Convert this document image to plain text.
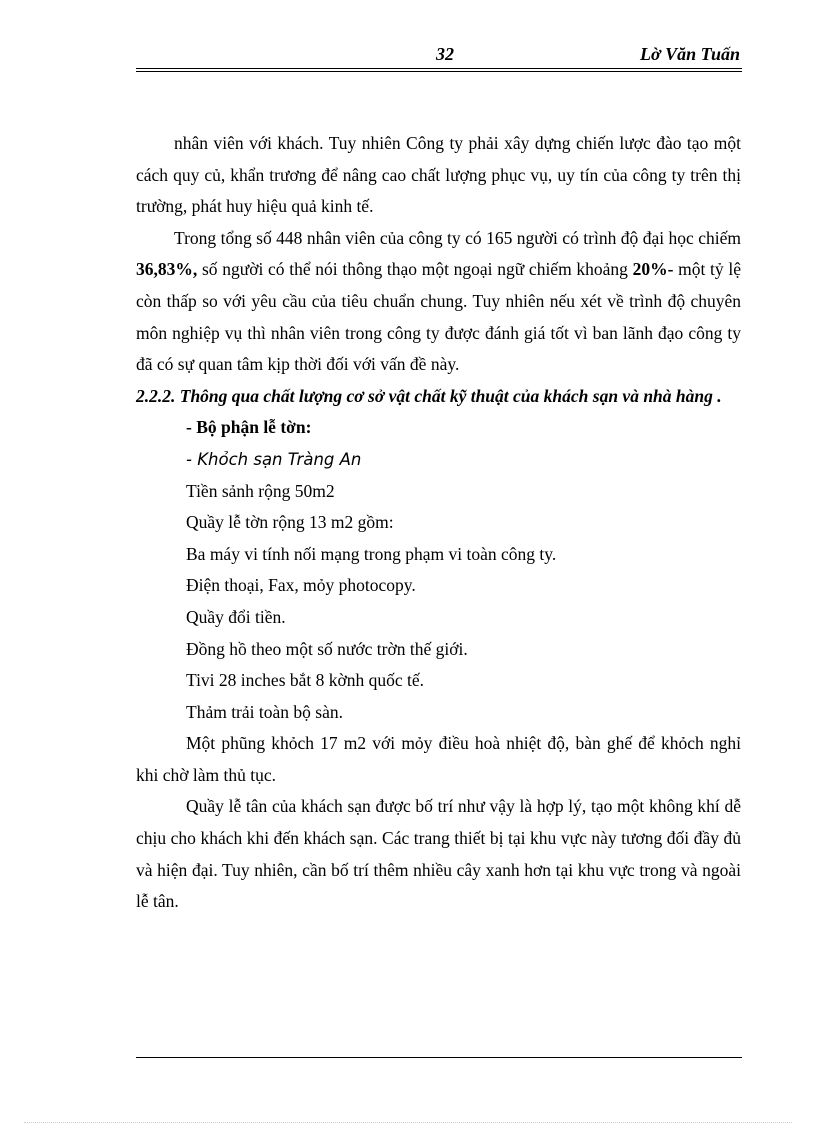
32	Lờ Văn Tuấn

nhân viên với khách. Tuy nhiên Công ty phải xây dựng chiến lược đào tạo một cách quy củ, khẩn trương để nâng cao chất lượng phục vụ, uy tín của công ty trên thị trường, phát huy hiệu quả kinh tế.

Trong tổng số 448 nhân viên của công ty có 165 người có trình độ đại học chiếm 36,83%, số người có thể nói thông thạo một ngoại ngữ chiếm khoảng 20%- một tỷ lệ còn thấp so với yêu cầu của tiêu chuẩn chung. Tuy nhiên nếu xét về trình độ chuyên môn nghiệp vụ thì nhân viên trong công ty được đánh giá tốt vì ban lãnh đạo công ty đã có sự quan tâm kịp thời đối với vấn đề này.

2.2.2. Thông qua chất lượng cơ sở vật chất kỹ thuật của khách sạn và nhà hàng .

- Bộ phận lễ tờn:

- Khỏch sạn Tràng An

Tiền sảnh rộng 50m2

Quầy lễ tờn rộng 13 m2 gồm:

Ba máy vi tính nối mạng trong phạm vi toàn công ty.

Điện thoại, Fax, mỏy photocopy.

Quầy đổi tiền.

Đồng hồ theo một số nước trờn thế giới.

Tivi 28 inches bắt 8 kờnh quốc tế.

Thảm trải toàn bộ sàn.

Một phũng khỏch 17 m2 với mỏy điều hoà nhiệt độ, bàn ghế để khỏch nghỉ khi chờ làm thủ tục.

Quầy lễ tân của khách sạn được bố trí như vậy là hợp lý, tạo một không khí dễ chịu cho khách khi đến khách sạn. Các trang thiết bị tại khu vực này tương đối đầy đủ và hiện đại. Tuy nhiên, cần bố trí thêm nhiều cây xanh hơn tại khu vực trong và ngoài lễ tân.
